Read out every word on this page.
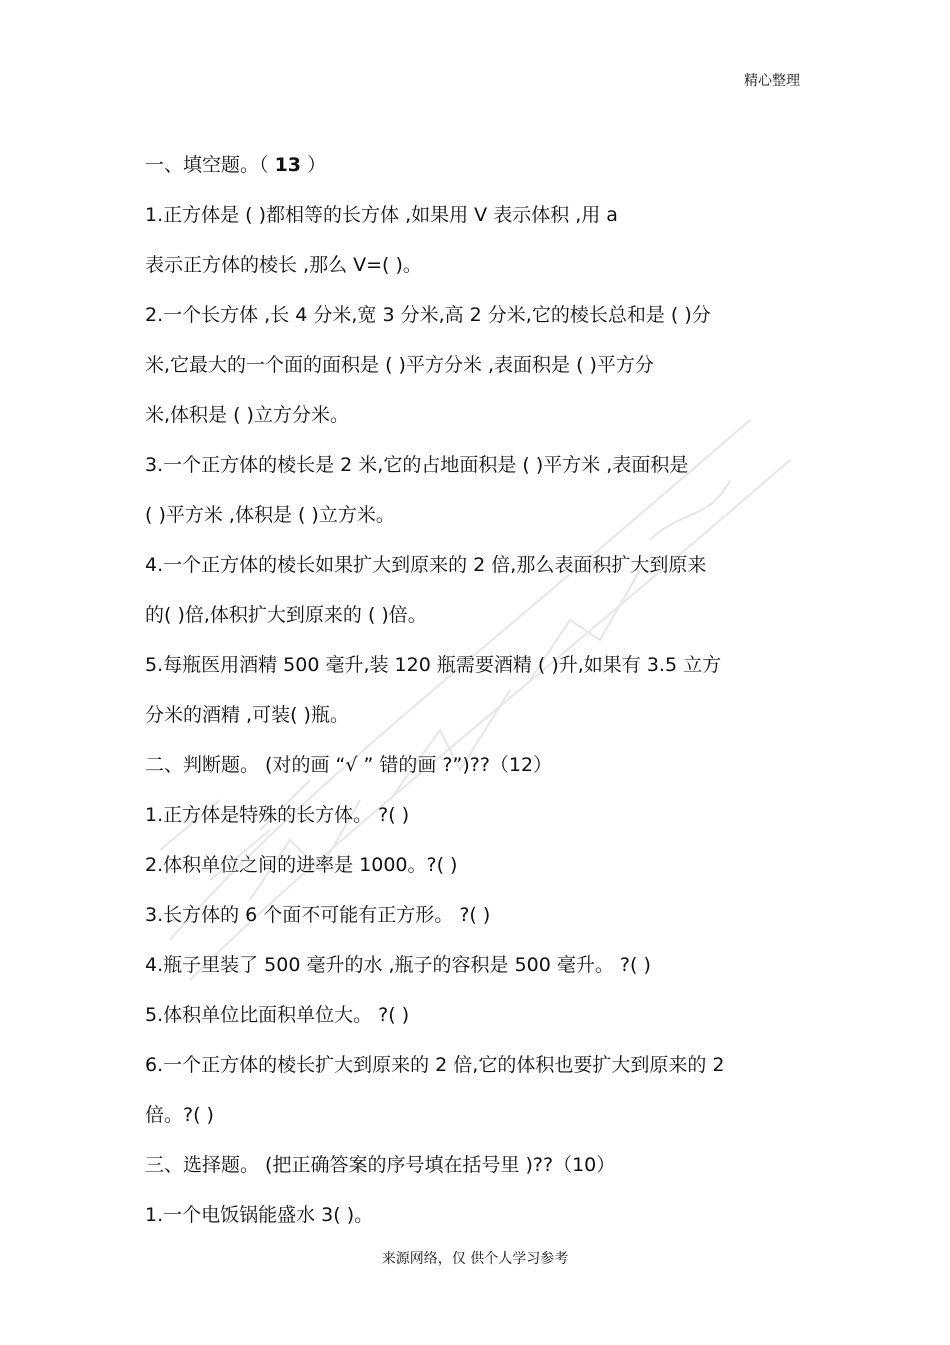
精心整理
一、填空题。（ 13 ）
1.正方体是 ( )都相等的长方体 ,如果用 V 表示体积 ,用 a
表示正方体的棱长 ,那么 V=( )。
2.一个长方体 ,长 4 分米,宽 3 分米,高 2 分米,它的棱长总和是 ( )分
米,它最大的一个面的面积是 ( )平方分米 ,表面积是 ( )平方分
米,体积是 ( )立方分米。
3.一个正方体的棱长是 2 米,它的占地面积是 ( )平方米 ,表面积是
( )平方米 ,体积是 ( )立方米。
4.一个正方体的棱长如果扩大到原来的 2 倍,那么表面积扩大到原来
的( )倍,体积扩大到原来的 ( )倍。
5.每瓶医用酒精 500 毫升,装 120 瓶需要酒精 ( )升,如果有 3.5 立方
分米的酒精 ,可装( )瓶。
二、判断题。 (对的画 “√ ” 错的画 ?”)??（12）
1.正方体是特殊的长方体。 ?( )
2.体积单位之间的进率是 1000。?( )
3.长方体的 6 个面不可能有正方形。 ?( )
4.瓶子里装了 500 毫升的水 ,瓶子的容积是 500 毫升。 ?( )
5.体积单位比面积单位大。 ?( )
6.一个正方体的棱长扩大到原来的 2 倍,它的体积也要扩大到原来的 2
倍。?( )
三、选择题。 (把正确答案的序号填在括号里 )??（10）
1.一个电饭锅能盛水 3( )。
来源网络，仅 供个人学习参考
